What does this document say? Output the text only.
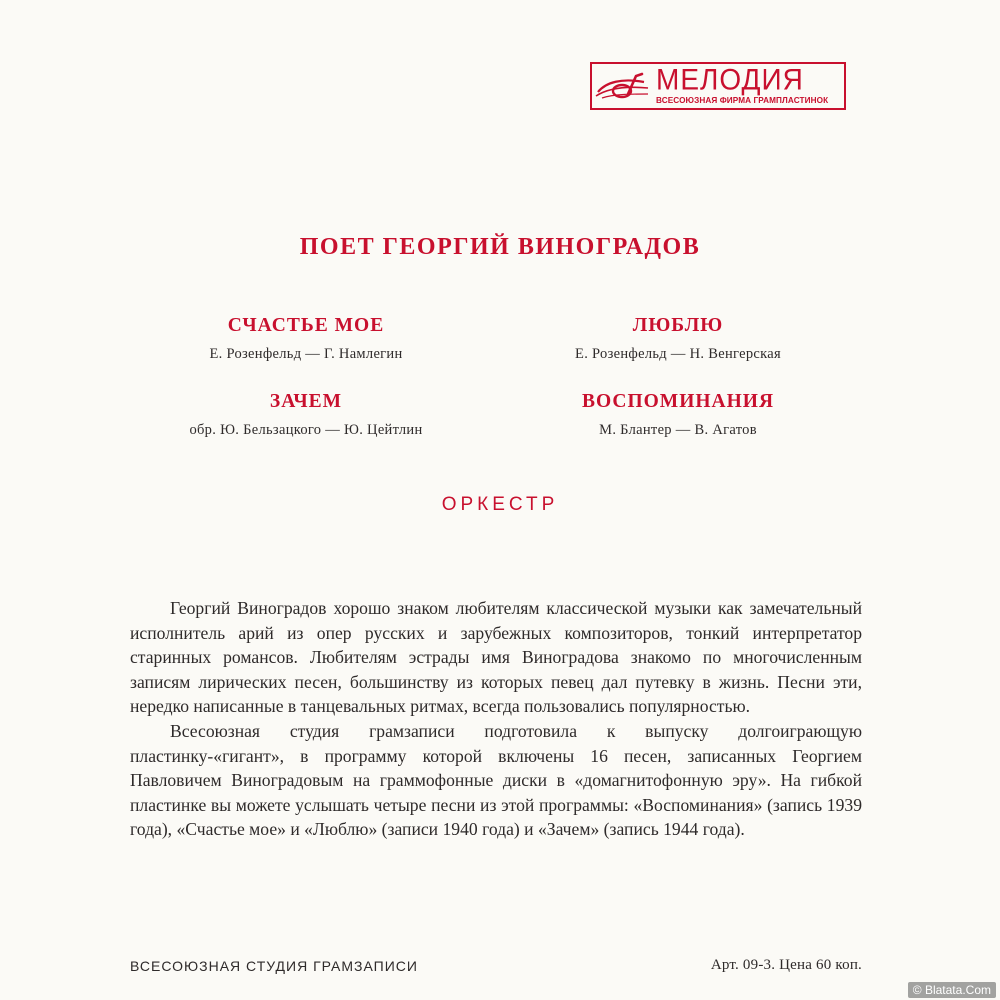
МЕЛОДИЯ
ВСЕСОЮЗНАЯ ФИРМА ГРАМПЛАСТИНОК
ПОЕТ ГЕОРГИЙ ВИНОГРАДОВ
СЧАСТЬЕ МОЕ
Е. Розенфельд — Г. Намлегин
ЛЮБЛЮ
Е. Розенфельд — Н. Венгерская
ЗАЧЕМ
обр. Ю. Бельзацкого — Ю. Цейтлин
ВОСПОМИНАНИЯ
М. Блантер — В. Агатов
ОРКЕСТР

Георгий Виноградов хорошо знаком любителям классической музыки как замечательный исполнитель арий из опер русских и зарубежных композиторов, тонкий интерпретатор старинных романсов. Любителям эстрады имя Виноградова знакомо по многочисленным записям лирических песен, большинству из которых певец дал путевку в жизнь. Песни эти, нередко написанные в танцевальных ритмах, всегда пользовались популярностью.

Всесоюзная студия грамзаписи подготовила к выпуску долгоиграющую пластинку-«гигант», в программу которой включены 16 песен, записанных Георгием Павловичем Виноградовым на граммофонные диски в «домагнитофонную эру». На гибкой пластинке вы можете услышать четыре песни из этой программы: «Воспоминания» (запись 1939 года), «Счастье мое» и «Люблю» (записи 1940 года) и «Зачем» (запись 1944 года).

ВСЕСОЮЗНАЯ СТУДИЯ ГРАМЗАПИСИ	Арт. 09-3. Цена 60 коп.
© Blatata.Com
